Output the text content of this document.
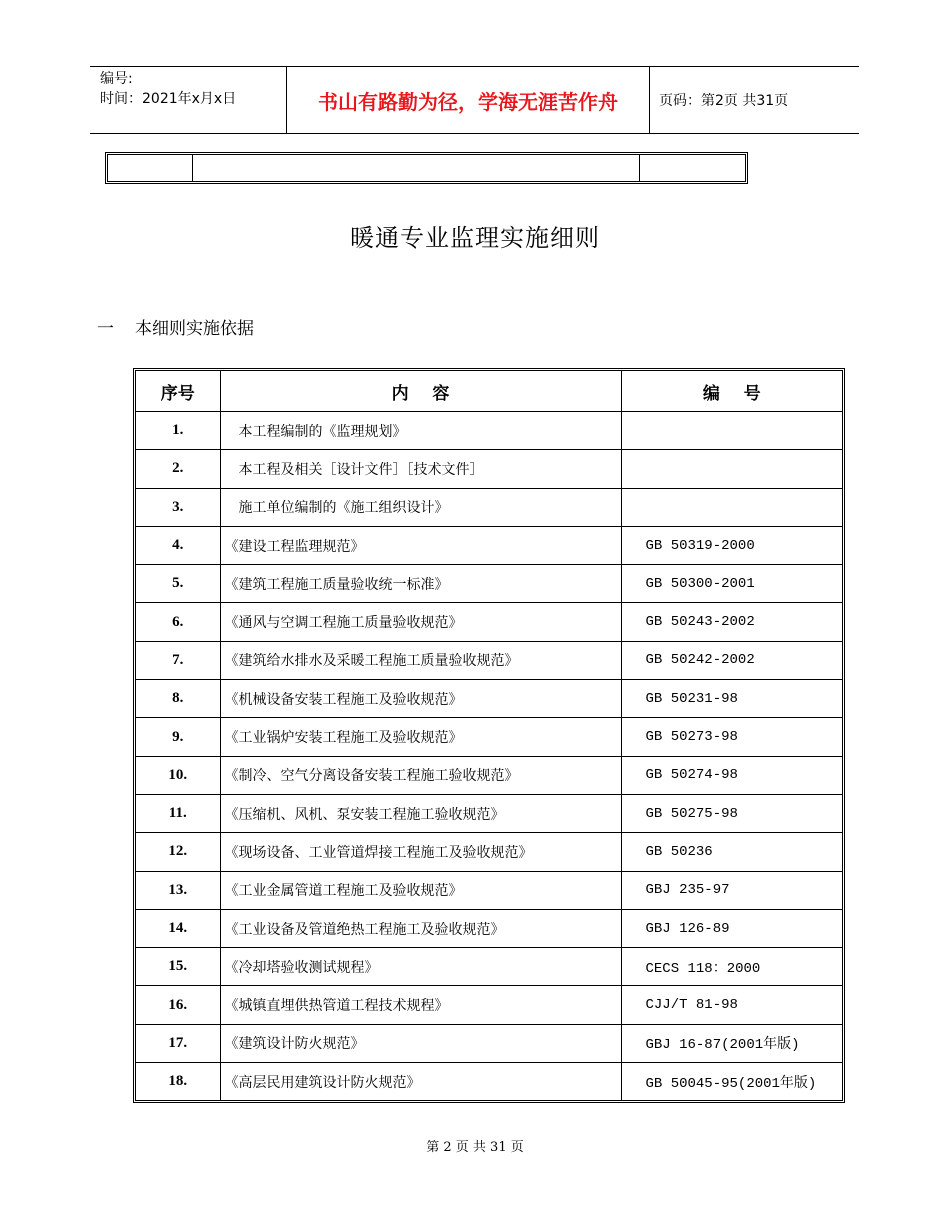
编号:
时间：2021年x月x日	书山有路勤为径，学海无涯苦作舟	页码：第2页 共31页
暖通专业监理实施细则
一 本细则实施依据
序号	内    容	编    号
1.	本工程编制的《监理规划》	
2.	本工程及相关［设计文件］［技术文件］	
3.	施工单位编制的《施工组织设计》	
4.	《建设工程监理规范》	GB 50319-2000
5.	《建筑工程施工质量验收统一标准》	GB 50300-2001
6.	《通风与空调工程施工质量验收规范》	GB 50243-2002
7.	《建筑给水排水及采暖工程施工质量验收规范》	GB 50242-2002
8.	《机械设备安装工程施工及验收规范》	GB 50231-98
9.	《工业锅炉安装工程施工及验收规范》	GB 50273-98
10.	《制冷、空气分离设备安装工程施工验收规范》	GB 50274-98
11.	《压缩机、风机、泵安装工程施工验收规范》	GB 50275-98
12.	《现场设备、工业管道焊接工程施工及验收规范》	GB 50236
13.	《工业金属管道工程施工及验收规范》	GBJ 235-97
14.	《工业设备及管道绝热工程施工及验收规范》	GBJ 126-89
15.	《冷却塔验收测试规程》	CECS 118：2000
16.	《城镇直埋供热管道工程技术规程》	CJJ/T 81-98
17.	《建筑设计防火规范》	GBJ 16-87(2001年版)
18.	《高层民用建筑设计防火规范》	GB 50045-95(2001年版)
第 2 页 共 31 页
